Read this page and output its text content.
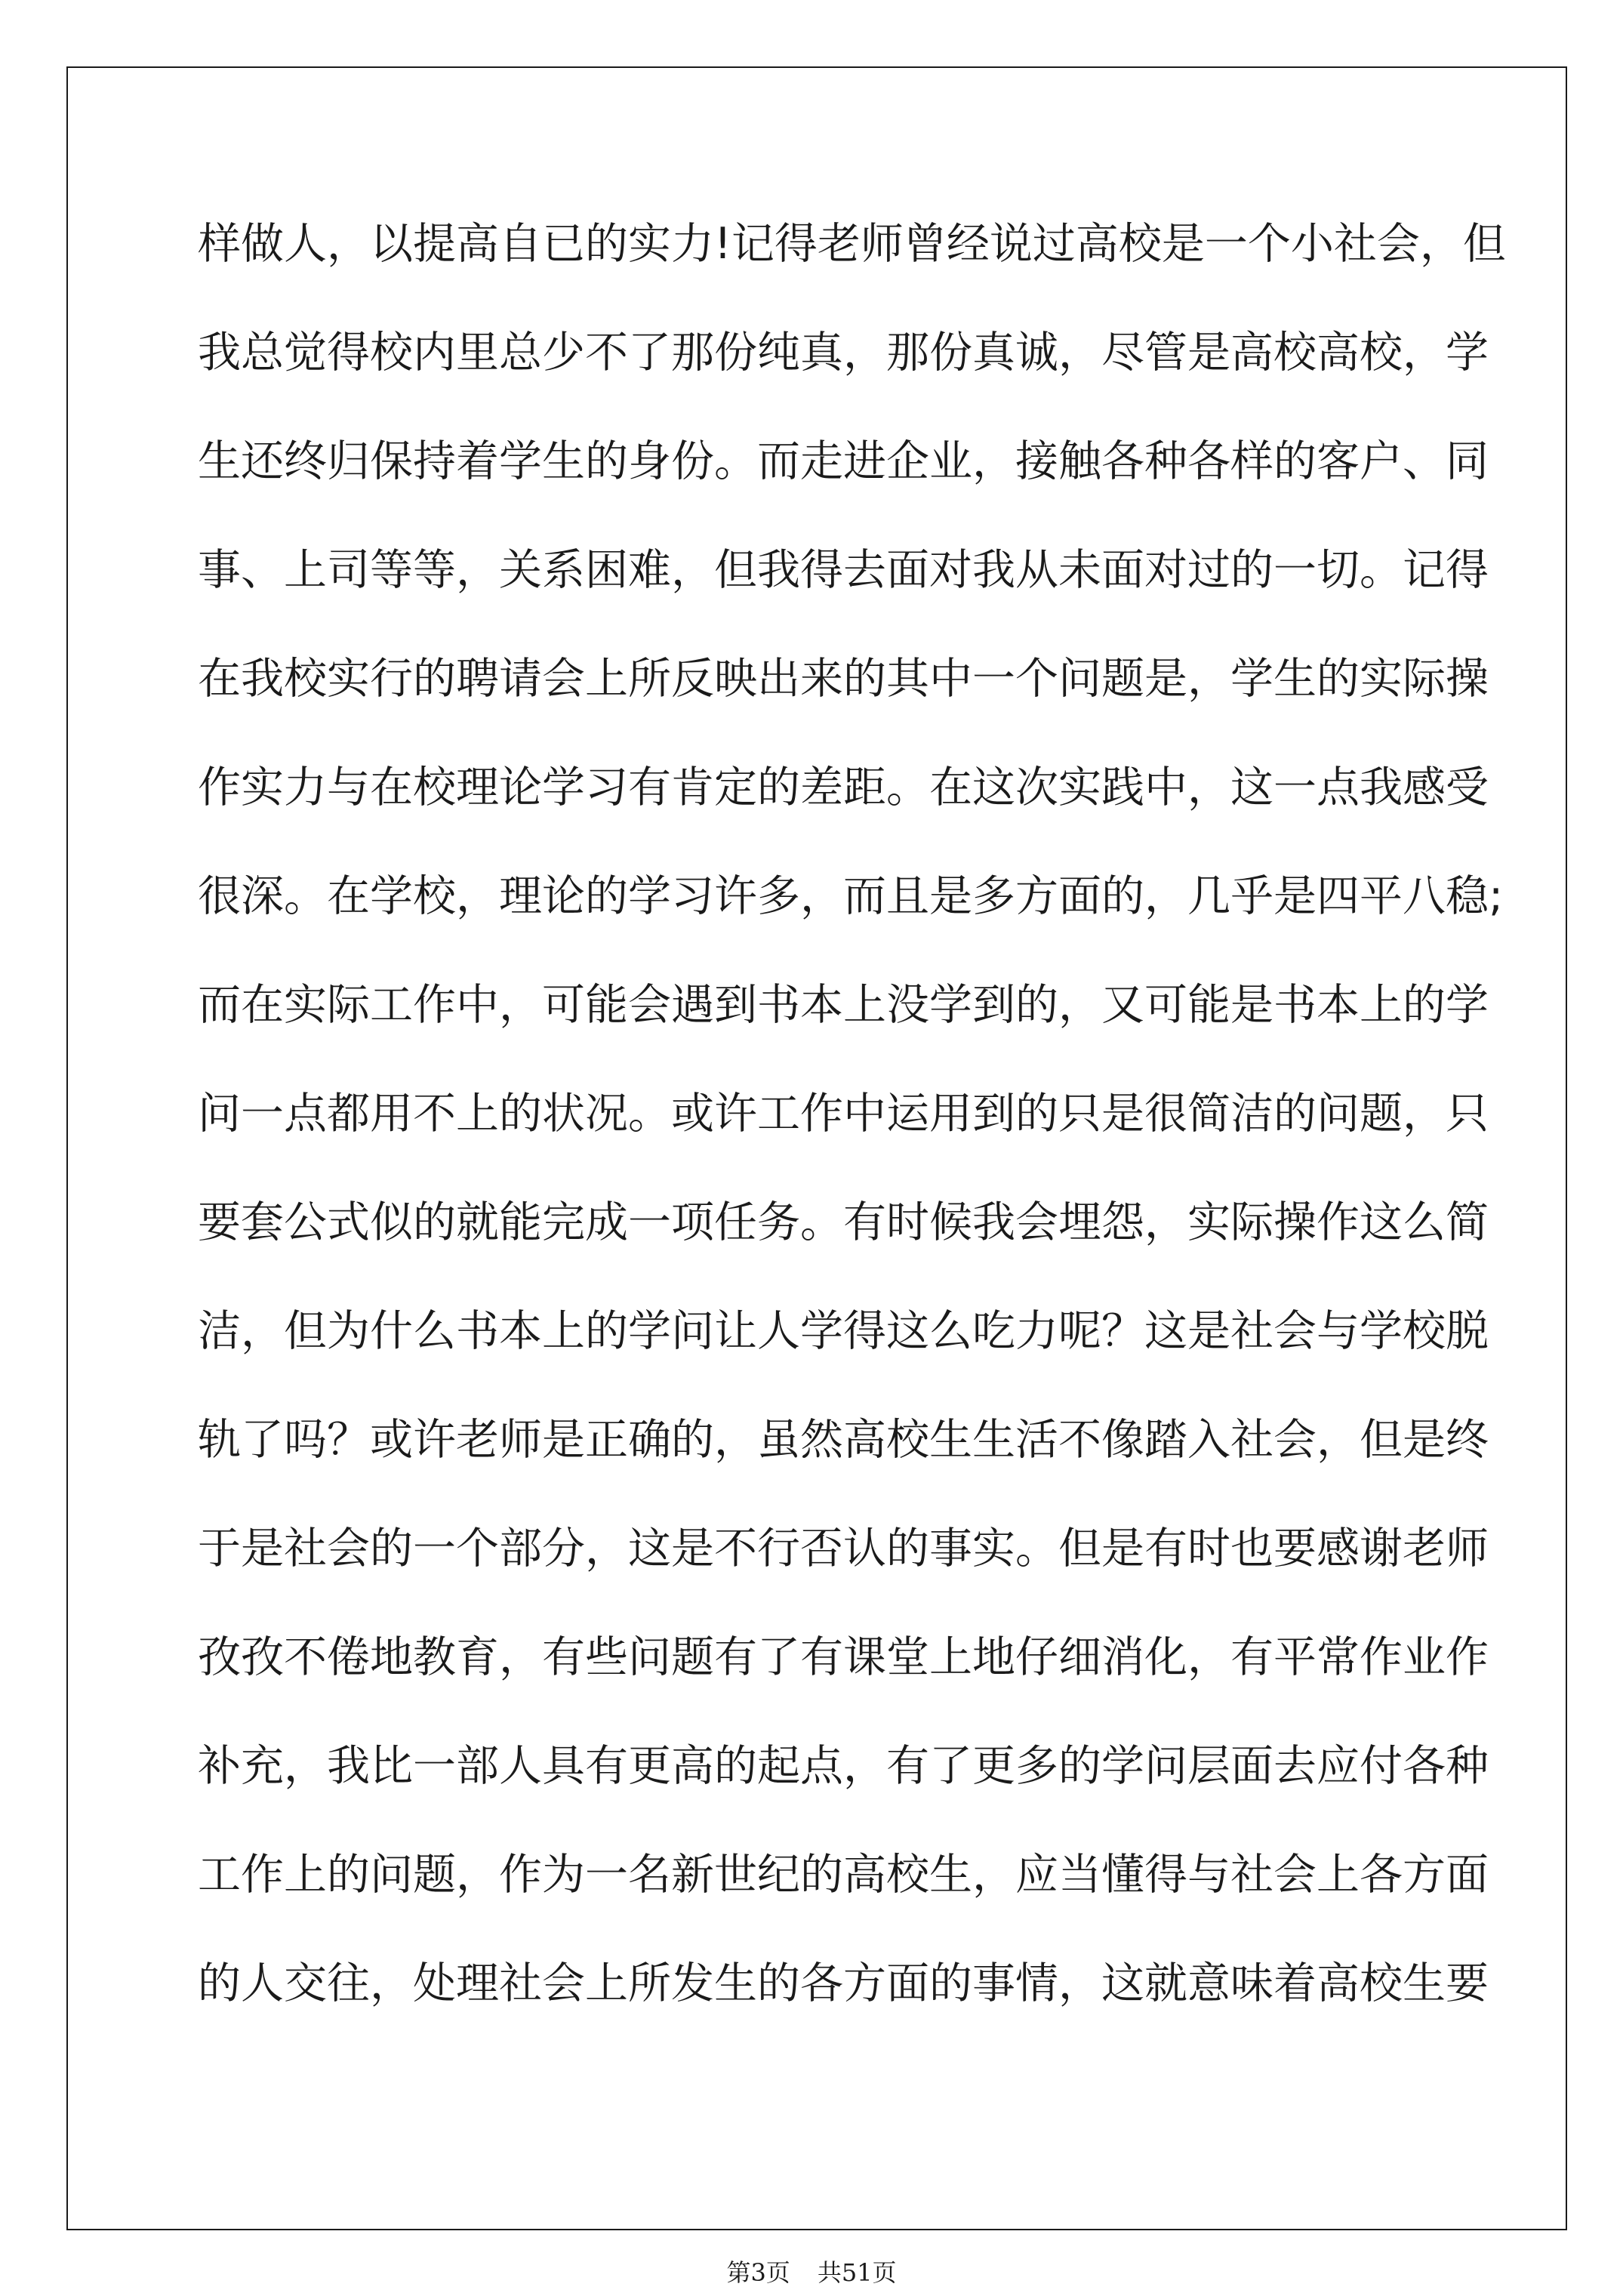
样做人，以提高自已的实力!记得老师曾经说过高校是一个小社会，但
我总觉得校内里总少不了那份纯真，那份真诚，尽管是高校高校，学
生还终归保持着学生的身份。而走进企业，接触各种各样的客户、同
事、上司等等，关系困难，但我得去面对我从未面对过的一切。记得
在我校实行的聘请会上所反映出来的其中一个问题是，学生的实际操
作实力与在校理论学习有肯定的差距。在这次实践中，这一点我感受
很深。在学校，理论的学习许多，而且是多方面的，几乎是四平八稳;
而在实际工作中，可能会遇到书本上没学到的，又可能是书本上的学
问一点都用不上的状况。或许工作中运用到的只是很简洁的问题，只
要套公式似的就能完成一项任务。有时候我会埋怨，实际操作这么简
洁，但为什么书本上的学问让人学得这么吃力呢？这是社会与学校脱
轨了吗？或许老师是正确的，虽然高校生生活不像踏入社会，但是终
于是社会的一个部分，这是不行否认的事实。但是有时也要感谢老师
孜孜不倦地教育，有些问题有了有课堂上地仔细消化，有平常作业作
补充，我比一部人具有更高的起点，有了更多的学问层面去应付各种
工作上的问题，作为一名新世纪的高校生，应当懂得与社会上各方面
的人交往，处理社会上所发生的各方面的事情，这就意味着高校生要
第3页 共51页
